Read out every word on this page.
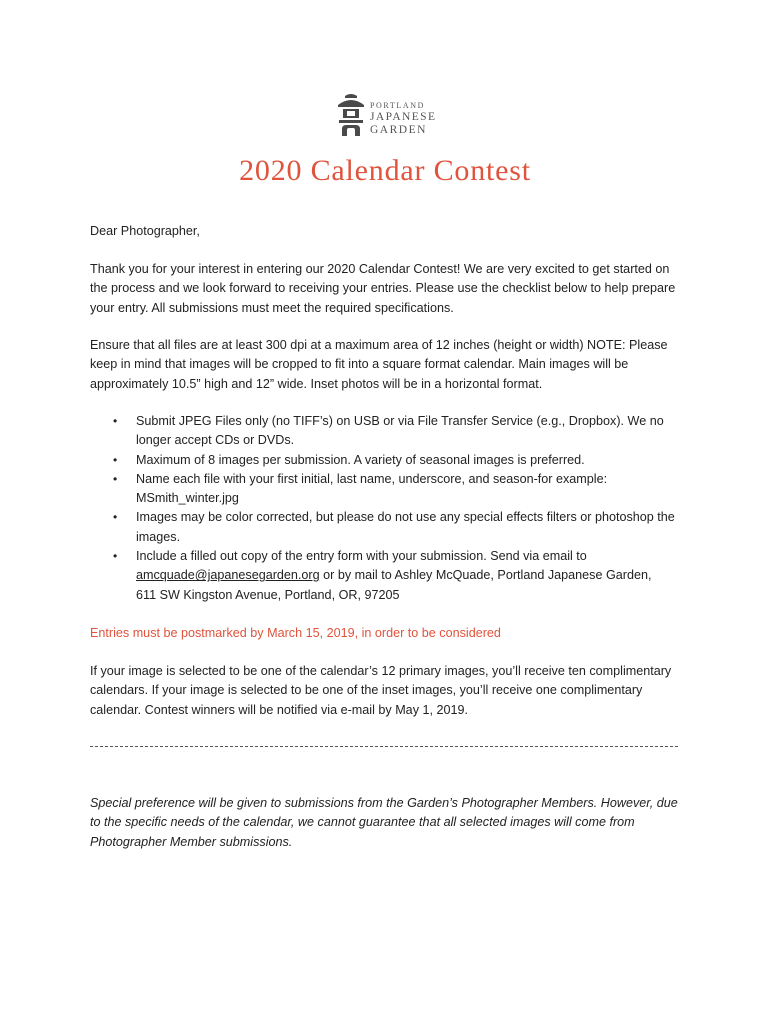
PORTLAND
JAPANESE
GARDEN
2020 Calendar Contest

Dear Photographer,

Thank you for your interest in entering our 2020 Calendar Contest! We are very excited to get started on the process and we look forward to receiving your entries. Please use the checklist below to help prepare your entry. All submissions must meet the required specifications.

Ensure that all files are at least 300 dpi at a maximum area of 12 inches (height or width) NOTE: Please keep in mind that images will be cropped to fit into a square format calendar. Main images will be approximately 10.5” high and 12” wide. Inset photos will be in a horizontal format.

• Submit JPEG Files only (no TIFF’s) on USB or via File Transfer Service (e.g., Dropbox). We no longer accept CDs or DVDs.
• Maximum of 8 images per submission. A variety of seasonal images is preferred.
• Name each file with your first initial, last name, underscore, and season-for example: MSmith_winter.jpg
• Images may be color corrected, but please do not use any special effects filters or photoshop the images.
• Include a filled out copy of the entry form with your submission. Send via email to amcquade@japanesegarden.org or by mail to Ashley McQuade, Portland Japanese Garden,
611 SW Kingston Avenue, Portland, OR, 97205

Entries must be postmarked by March 15, 2019, in order to be considered

If your image is selected to be one of the calendar’s 12 primary images, you’ll receive ten complimentary calendars. If your image is selected to be one of the inset images, you’ll receive one complimentary calendar. Contest winners will be notified via e-mail by May 1, 2019.

Special preference will be given to submissions from the Garden’s Photographer Members. However, due to the specific needs of the calendar, we cannot guarantee that all selected images will come from Photographer Member submissions.
